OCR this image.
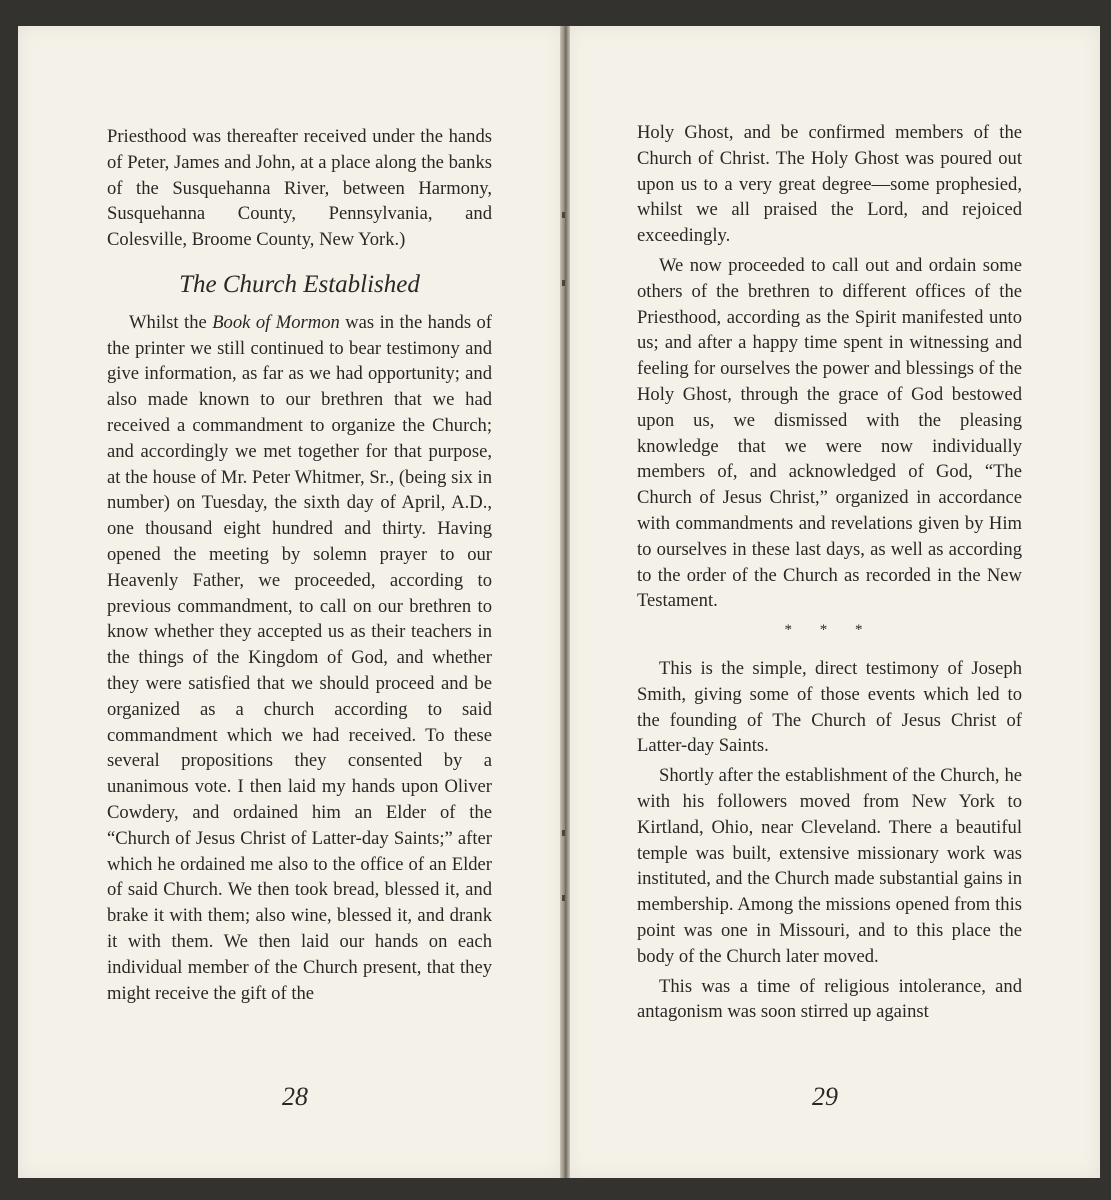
Priesthood was thereafter received under the hands of Peter, James and John, at a place along the banks of the Susquehanna River, between Harmony, Susquehanna County, Pennsylvania, and Colesville, Broome County, New York.)

The Church Established

Whilst the Book of Mormon was in the hands of the printer we still continued to bear testimony and give information, as far as we had opportunity; and also made known to our brethren that we had received a commandment to organize the Church; and accordingly we met together for that purpose, at the house of Mr. Peter Whitmer, Sr., (being six in number) on Tuesday, the sixth day of April, A.D., one thousand eight hundred and thirty. Having opened the meeting by solemn prayer to our Heavenly Father, we proceeded, according to previous commandment, to call on our brethren to know whether they accepted us as their teachers in the things of the Kingdom of God, and whether they were satisfied that we should proceed and be organized as a church according to said commandment which we had received. To these several propositions they consented by a unanimous vote. I then laid my hands upon Oliver Cowdery, and ordained him an Elder of the “Church of Jesus Christ of Latter-day Saints;” after which he ordained me also to the office of an Elder of said Church. We then took bread, blessed it, and brake it with them; also wine, blessed it, and drank it with them. We then laid our hands on each individual member of the Church present, that they might receive the gift of the

Holy Ghost, and be confirmed members of the Church of Christ. The Holy Ghost was poured out upon us to a very great degree—some prophesied, whilst we all praised the Lord, and rejoiced exceedingly.

We now proceeded to call out and ordain some others of the brethren to different offices of the Priesthood, according as the Spirit manifested unto us; and after a happy time spent in witnessing and feeling for ourselves the power and blessings of the Holy Ghost, through the grace of God bestowed upon us, we dismissed with the pleasing knowledge that we were now individually members of, and acknowledged of God, “The Church of Jesus Christ,” organized in accordance with commandments and revelations given by Him to ourselves in these last days, as well as according to the order of the Church as recorded in the New Testament.

* * *

This is the simple, direct testimony of Joseph Smith, giving some of those events which led to the founding of The Church of Jesus Christ of Latter-day Saints.

Shortly after the establishment of the Church, he with his followers moved from New York to Kirtland, Ohio, near Cleveland. There a beautiful temple was built, extensive missionary work was instituted, and the Church made substantial gains in membership. Among the missions opened from this point was one in Missouri, and to this place the body of the Church later moved.

This was a time of religious intolerance, and antagonism was soon stirred up against

28	29
